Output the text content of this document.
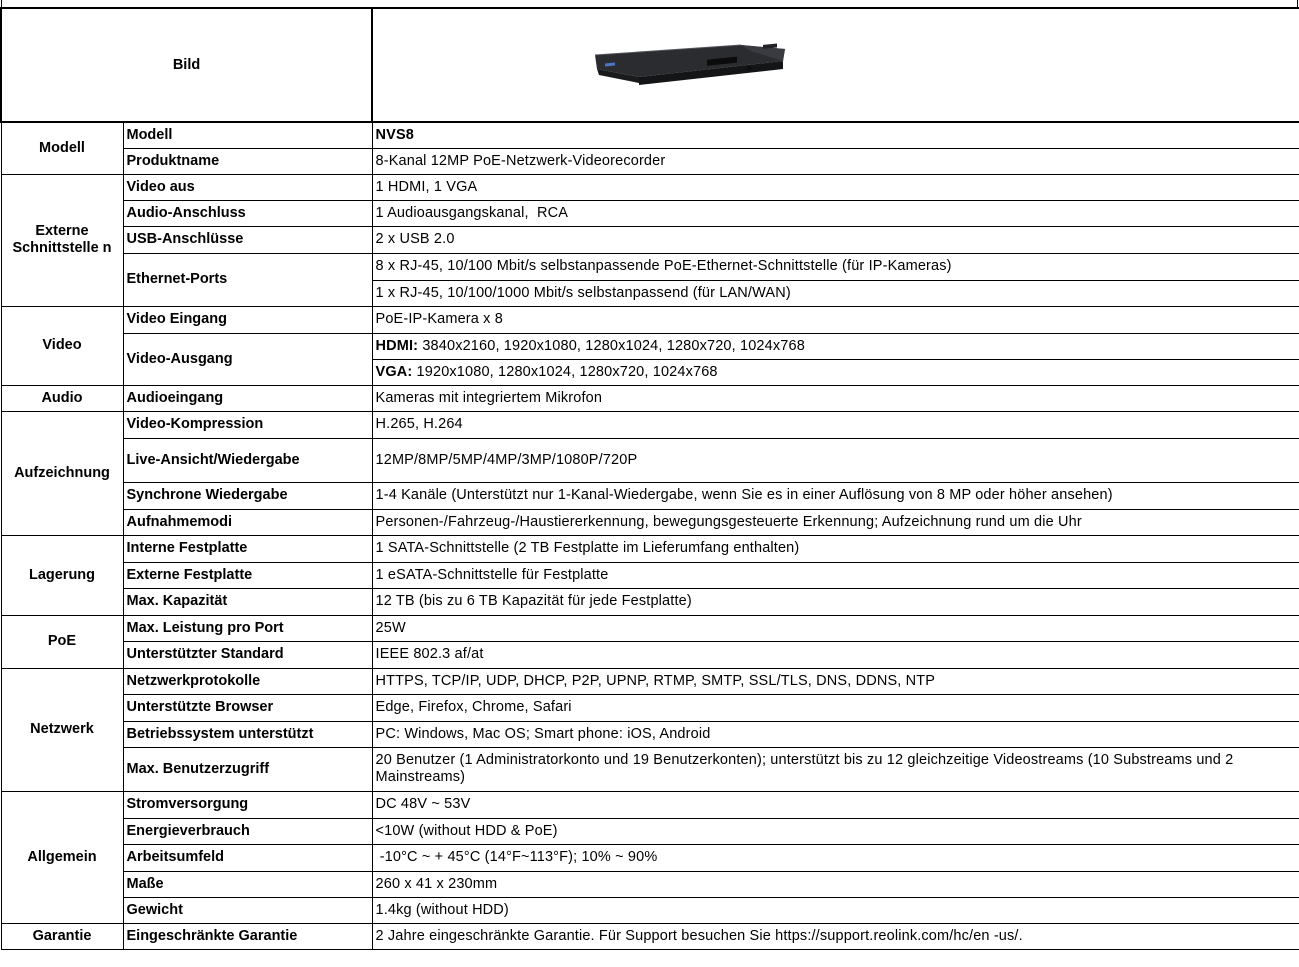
Bild	

Modell	Modell	NVS8
	Produktname	8-Kanal 12MP PoE-Netzwerk-Videorecorder
Externe Schnittstelle n	Video aus	1 HDMI, 1 VGA
	Audio-Anschluss	1 Audioausgangskanal,  RCA
	USB-Anschlüsse	2 x USB 2.0
	Ethernet-Ports	8 x RJ-45, 10/100 Mbit/s selbstanpassende PoE-Ethernet-Schnittstelle (für IP-Kameras)
		1 x RJ-45, 10/100/1000 Mbit/s selbstanpassend (für LAN/WAN)
Video	Video Eingang	PoE-IP-Kamera x 8
	Video-Ausgang	HDMI: 3840x2160, 1920x1080, 1280x1024, 1280x720, 1024x768
		VGA: 1920x1080, 1280x1024, 1280x720, 1024x768
Audio	Audioeingang	Kameras mit integriertem Mikrofon
Aufzeichnung	Video-Kompression	H.265, H.264
	Live-Ansicht/Wiedergabe	12MP/8MP/5MP/4MP/3MP/1080P/720P
	Synchrone Wiedergabe	1-4 Kanäle (Unterstützt nur 1-Kanal-Wiedergabe, wenn Sie es in einer Auflösung von 8 MP oder höher ansehen)
	Aufnahmemodi	Personen-/Fahrzeug-/Haustiererkennung, bewegungsgesteuerte Erkennung; Aufzeichnung rund um die Uhr
Lagerung	Interne Festplatte	1 SATA-Schnittstelle (2 TB Festplatte im Lieferumfang enthalten)
	Externe Festplatte	1 eSATA-Schnittstelle für Festplatte
	Max. Kapazität	12 TB (bis zu 6 TB Kapazität für jede Festplatte)
PoE	Max. Leistung pro Port	25W
	Unterstützter Standard	IEEE 802.3 af/at
Netzwerk	Netzwerkprotokolle	HTTPS, TCP/IP, UDP, DHCP, P2P, UPNP, RTMP, SMTP, SSL/TLS, DNS, DDNS, NTP
	Unterstützte Browser	Edge, Firefox, Chrome, Safari
	Betriebssystem unterstützt	PC: Windows, Mac OS; Smart phone: iOS, Android
	Max. Benutzerzugriff	20 Benutzer (1 Administratorkonto und 19 Benutzerkonten); unterstützt bis zu 12 gleichzeitige Videostreams (10 Substreams und 2 Mainstreams)
Allgemein	Stromversorgung	DC 48V ~ 53V
	Energieverbrauch	<10W (without HDD & PoE)
	Arbeitsumfeld	-10°C ~ + 45°C (14°F~113°F); 10% ~ 90%
	Maße	260 x 41 x 230mm
	Gewicht	1.4kg (without HDD)
Garantie	Eingeschränkte Garantie	2 Jahre eingeschränkte Garantie. Für Support besuchen Sie https://support.reolink.com/hc/en -us/.
